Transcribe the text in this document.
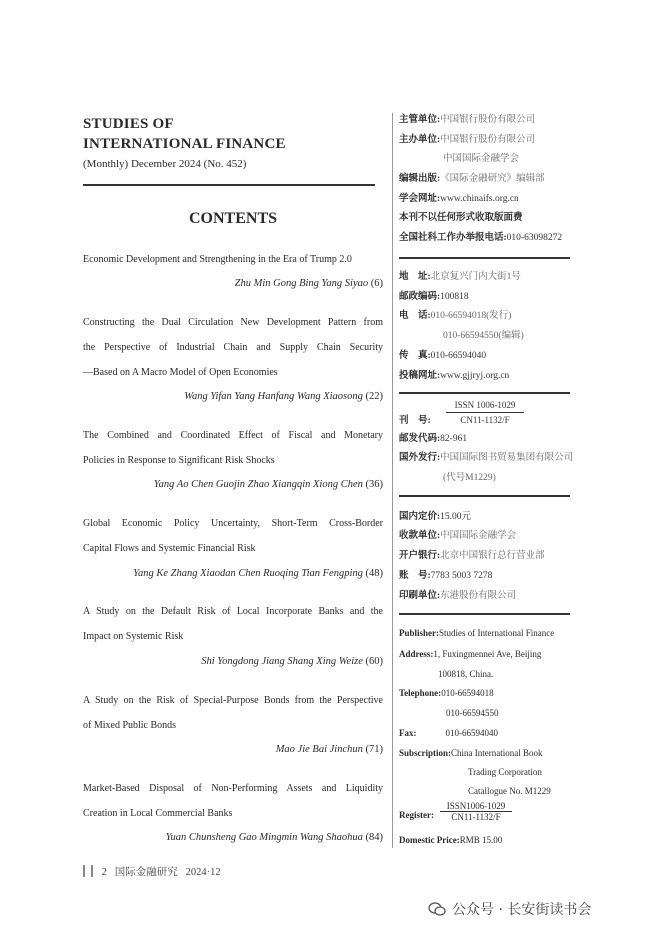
STUDIES OF
INTERNATIONAL FINANCE
(Monthly) December 2024 (No. 452)
CONTENTS
Economic Development and Strengthening in the Era of Trump 2.0
Zhu Min Gong Bing Yang Siyao (6)
Constructing the Dual Circulation New Development Pattern from
the Perspective of Industrial Chain and Supply Chain Security
—Based on A Macro Model of Open Economies
Wang Yifan Yang Hanfang Wang Xiaosong (22)
The Combined and Coordinated Effect of Fiscal and Monetary
Policies in Response to Significant Risk Shocks
Yang Ao Chen Guojin Zhao Xiangqin Xiong Chen (36)
Global Economic Policy Uncertainty, Short-Term Cross-Border
Capital Flows and Systemic Financial Risk
Yang Ke Zhang Xiaodan Chen Ruoqing Tian Fengping (48)
A Study on the Default Risk of Local Incorporate Banks and the
Impact on Systemic Risk
Shi Yongdong Jiang Shang Xing Weize (60)
A Study on the Risk of Special-Purpose Bonds from the Perspective
of Mixed Public Bonds
Mao Jie Bai Jinchun (71)
Market-Based Disposal of Non-Performing Assets and Liquidity
Creation in Local Commercial Banks
Yuan Chunsheng Gao Mingmin Wang Shaohua (84)
主管单位:中国银行股份有限公司
主办单位:中国银行股份有限公司
中国国际金融学会
编辑出版:《国际金融研究》编辑部
学会网址:www.chinaifs.org.cn
本刊不以任何形式收取版面费
全国社科工作办举报电话:010-63098272
地　址:北京复兴门内大街1号
邮政编码:100818
电　话:010-66594018(发行)
010-66594550(编辑)
传　真:010-66594040
投稿网址:www.gjjryj.org.cn
刊　号:
ISSN 1006-1029
CN11-1132/F
邮发代码:82-961
国外发行:中国国际图书贸易集团有限公司
(代号M1229)
国内定价:15.00元
收款单位:中国国际金融学会
开户银行:北京中国银行总行营业部
账　号:7783 5003 7278
印刷单位:东港股份有限公司
Publisher:Studies of International Finance
Address:1, Fuxingmennei Ave, Beijing
100818, China.
Telephone:010-66594018
010-66594550
Fax:	010-66594040
Subscription:China International Book
Trading Corporation
Catallogue No. M1229
Register:
ISSN1006-1029
CN11-1132/F
Domestic Price:RMB 15.00
2 国际金融研究 2024·12
公众号 · 长安街读书会
